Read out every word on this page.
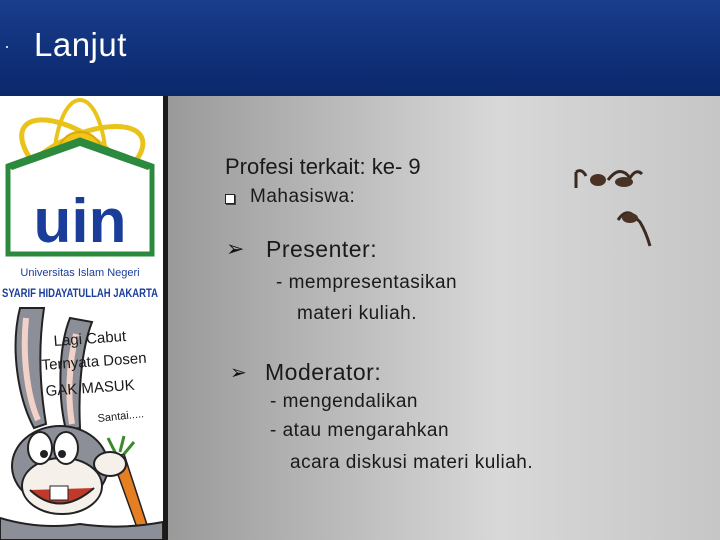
Lanjut
uin
Universitas Islam Negeri
SYARIF HIDAYATULLAH JAKARTA
Lagi Cabut
Ternyata Dosen
GAK MASUK
Santai.....
Profesi terkait: ke- 9
Mahasiswa:
➢ Presenter:
- mempresentasikan
materi kuliah.
➢ Moderator:
- mengendalikan
- atau mengarahkan
acara diskusi materi kuliah.
